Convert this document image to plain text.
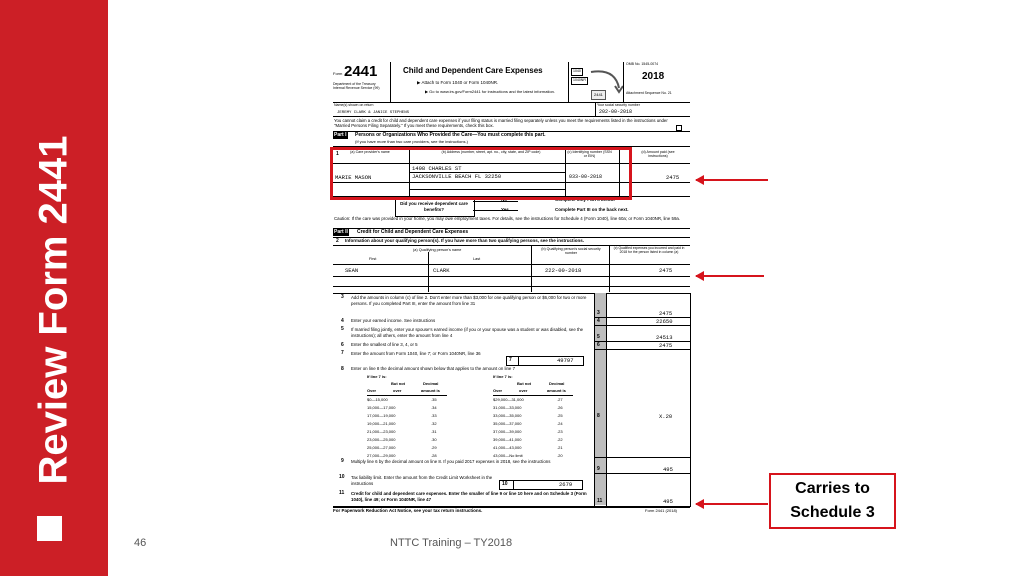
Review Form 2441
Form 2441
Department of the Treasury Internal Revenue Service (99)
Child and Dependent Care Expenses
▶ Attach to Form 1040 or Form 1040NR.
▶ Go to www.irs.gov/Form2441 for instructions and the latest information.
1040
1040NR
2441
OMB No. 1545-0074
2018
Attachment Sequence No. 21
Name(s) shown on return
JEREMY CLARK & JANICE STEPHENS
Your social security number
202-00-2018
You cannot claim a credit for child and dependent care expenses if your filing status is married filing separately unless you meet the requirements listed in the instructions under "Married Persons Filing Separately." If you meet these requirements, check this box.
Part I Persons or Organizations Who Provided the Care—You must complete this part.
(If you have more than two care providers, see the instructions.)
1	(a) Care provider's name	(b) Address (number, street, apt. no., city, state, and ZIP code)	(c) Identifying number (SSN or EIN)
(d) Amount paid (see instructions)
MARIE MASON
1498 CHARLES ST
JACKSONVILLE BEACH FL 32250	033-00-2018	2475
Did you receive dependent care benefits?
No
Yes
Complete only Part II below.
Complete Part III on the back next.
Caution: If the care was provided in your home, you may owe employment taxes. For details, see the instructions for Schedule 4 (Form 1040), line 60a; or Form 1040NR, line 59a.
Part II Credit for Child and Dependent Care Expenses
2 Information about your qualifying person(s). If you have more than two qualifying persons, see the instructions.
(a) Qualifying person's name
First	Last
(b) Qualifying person's social security number
(c) Qualified expenses you incurred and paid in 2018 for the person listed in column (a)
SEAN	CLARK	222-00-2018	2475
3 Add the amounts in column (c) of line 2. Don't enter more than $3,000 for one qualifying person or $6,000 for two or more persons. If you completed Part III, enter the amount from line 31
3	2475
4 Enter your earned income. See instructions	4	22650
5 If married filing jointly, enter your spouse's earned income (if you or your spouse was a student or was disabled, see the instructions); all others, enter the amount from line 4	5	24513
6 Enter the smallest of line 3, 4, or 5	6	2475
7 Enter the amount from Form 1040, line 7; or Form 1040NR, line 36
7	49797
8 Enter on line 8 the decimal amount shown below that applies to the amount on line 7
If line 7 is:	If line 7 is:
But not	Decimal
Over	over	amount is
But not	Decimal
Over	over	amount is
$0—15,000	.35
15,000—17,000	.34
17,000—19,000	.33
19,000—21,000	.32
21,000—23,000	.31
23,000—25,000	.30
25,000—27,000	.29
27,000—29,000	.28
$29,000—31,000	.27
31,000—33,000	.26
33,000—35,000	.25
35,000—37,000	.24
37,000—39,000	.23
39,000—41,000	.22
41,000—43,000	.21
43,000—No limit	.20
8	X.20
9 Multiply line 6 by the decimal amount on line 8. If you paid 2017 expenses in 2018, see the instructions
9	495
10 Tax liability limit. Enter the amount from the Credit Limit Worksheet in the instructions	10	2679
11 Credit for child and dependent care expenses. Enter the smaller of line 9 or line 10 here and on Schedule 3 (Form 1040), line 49; or Form 1040NR, line 47	11	495
For Paperwork Reduction Act Notice, see your tax return instructions.	Form 2441 (2018)
Carries to Schedule 3
46	NTTC Training – TY2018
